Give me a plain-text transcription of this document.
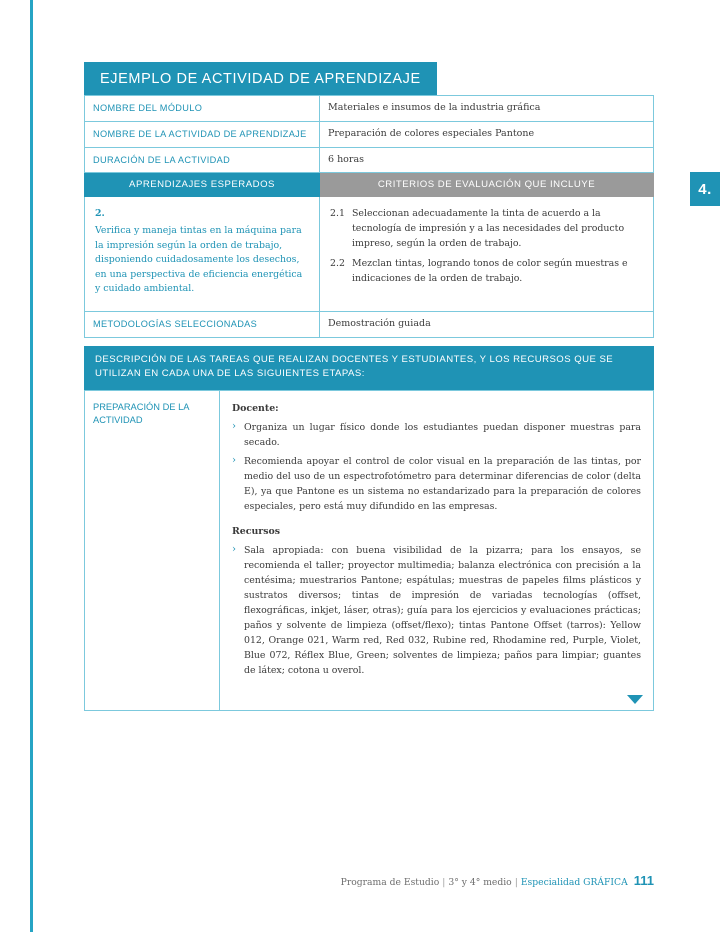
4.
EJEMPLO DE ACTIVIDAD DE APRENDIZAJE
NOMBRE DEL MÓDULO	Materiales e insumos de la industria gráfica
NOMBRE DE LA ACTIVIDAD DE APRENDIZAJE	Preparación de colores especiales Pantone
DURACIÓN DE LA ACTIVIDAD	6 horas
APRENDIZAJES ESPERADOS	CRITERIOS DE EVALUACIÓN QUE INCLUYE

2.
Verifica y maneja tintas en la máquina para la impresión según la orden de trabajo, disponiendo cuidadosamente los desechos, en una perspectiva de eficiencia energética y cuidado ambiental.	
2.1 Seleccionan adecuadamente la tinta de acuerdo a la tecnología de impresión y a las necesidades del producto impreso, según la orden de trabajo.
2.2 Mezclan tintas, logrando tonos de color según muestras e indicaciones de la orden de trabajo.

METODOLOGÍAS SELECCIONADAS	Demostración guiada
DESCRIPCIÓN DE LAS TAREAS QUE REALIZAN DOCENTES Y ESTUDIANTES, Y LOS RECURSOS QUE SE UTILIZAN EN CADA UNA DE LAS SIGUIENTES ETAPAS:
PREPARACIÓN DE LA ACTIVIDAD	
Docente:
› Organiza un lugar físico donde los estudiantes puedan disponer muestras para secado.
› Recomienda apoyar el control de color visual en la preparación de las tintas, por medio del uso de un espectrofotómetro para determinar diferencias de color (delta E), ya que Pantone es un sistema no estandarizado para la preparación de colores especiales, pero está muy difundido en las empresas.
Recursos
› Sala apropiada: con buena visibilidad de la pizarra; para los ensayos, se recomienda el taller; proyector multimedia; balanza electrónica con precisión a la centésima; muestrarios Pantone; espátulas; muestras de papeles films plásticos y sustratos diversos; tintas de impresión de variadas tecnologías (offset, flexográficas, inkjet, láser, otras); guía para los ejercicios y evaluaciones prácticas; paños y solvente de limpieza (offset/flexo); tintas Pantone Offset (tarros): Yellow 012, Orange 021, Warm red, Red 032, Rubine red, Rhodamine red, Purple, Violet, Blue 072, Réflex Blue, Green; solventes de limpieza; paños para limpiar; guantes de látex; cotona u overol.
Programa de Estudio | 3° y 4° medio | Especialidad GRÁFICA 111
